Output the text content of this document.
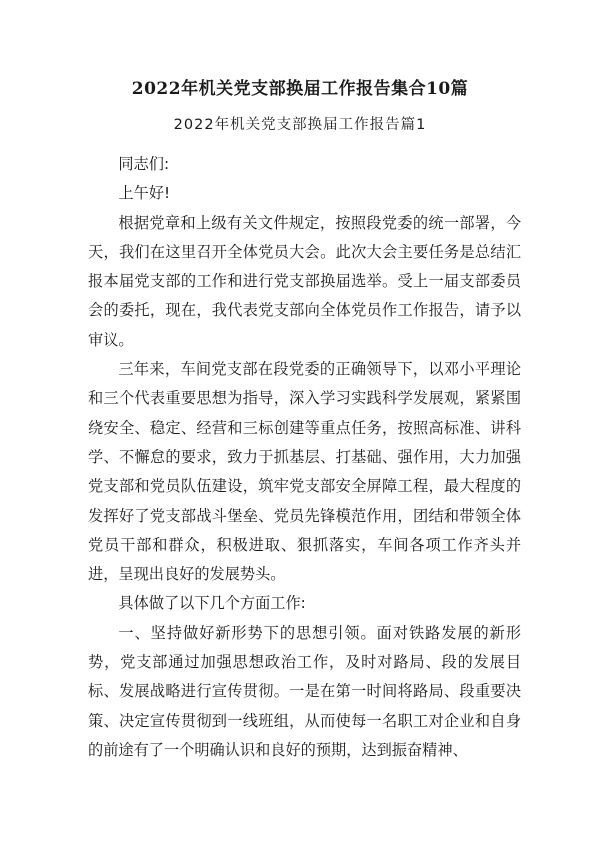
2022年机关党支部换届工作报告集合10篇
2022年机关党支部换届工作报告篇1

同志们:

上午好!

根据党章和上级有关文件规定，按照段党委的统一部署，今天，我们在这里召开全体党员大会。此次大会主要任务是总结汇报本届党支部的工作和进行党支部换届选举。受上一届支部委员会的委托，现在，我代表党支部向全体党员作工作报告，请予以审议。

三年来，车间党支部在段党委的正确领导下，以邓小平理论和三个代表重要思想为指导，深入学习实践科学发展观，紧紧围绕安全、稳定、经营和三标创建等重点任务，按照高标准、讲科学、不懈怠的要求，致力于抓基层、打基础、强作用，大力加强党支部和党员队伍建设，筑牢党支部安全屏障工程，最大程度的发挥好了党支部战斗堡垒、党员先锋模范作用，团结和带领全体党员干部和群众，积极进取、狠抓落实，车间各项工作齐头并进，呈现出良好的发展势头。

具体做了以下几个方面工作:

一、坚持做好新形势下的思想引领。面对铁路发展的新形势，党支部通过加强思想政治工作，及时对路局、段的发展目标、发展战略进行宣传贯彻。一是在第一时间将路局、段重要决策、决定宣传贯彻到一线班组，从而使每一名职工对企业和自身的前途有了一个明确认识和良好的预期，达到振奋精神、
